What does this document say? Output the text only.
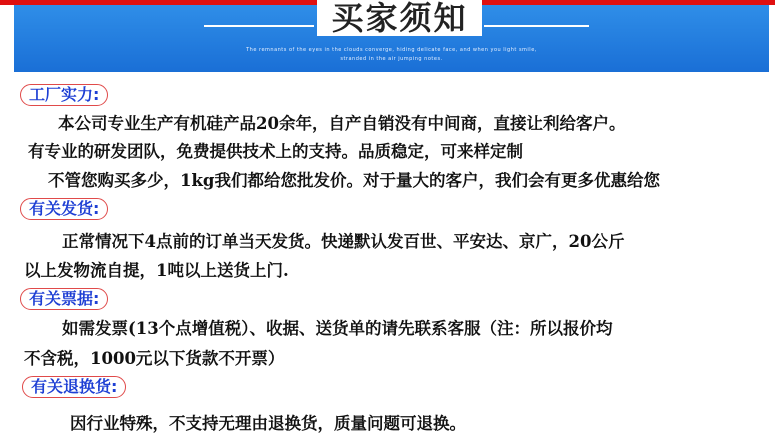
买家须知
The remnants of the eyes in the clouds converge, hiding delicate face, and when you light smile,
stranded in the air jumping notes.
工厂实力:
本公司专业生产有机硅产品20余年，自产自销没有中间商，直接让利给客户。
有专业的研发团队，免费提供技术上的支持。品质稳定，可来样定制
不管您购买多少，1kg我们都给您批发价。对于量大的客户，我们会有更多优惠给您
有关发货:
正常情况下4点前的订单当天发货。快递默认发百世、平安达、京广，20公斤
以上发物流自提，1吨以上送货上门.
有关票据:
如需发票(13个点增值税）、收据、送货单的请先联系客服（注：所以报价均
不含税，1000元以下货款不开票）
有关退换货:
因行业特殊，不支持无理由退换货，质量问题可退换。
